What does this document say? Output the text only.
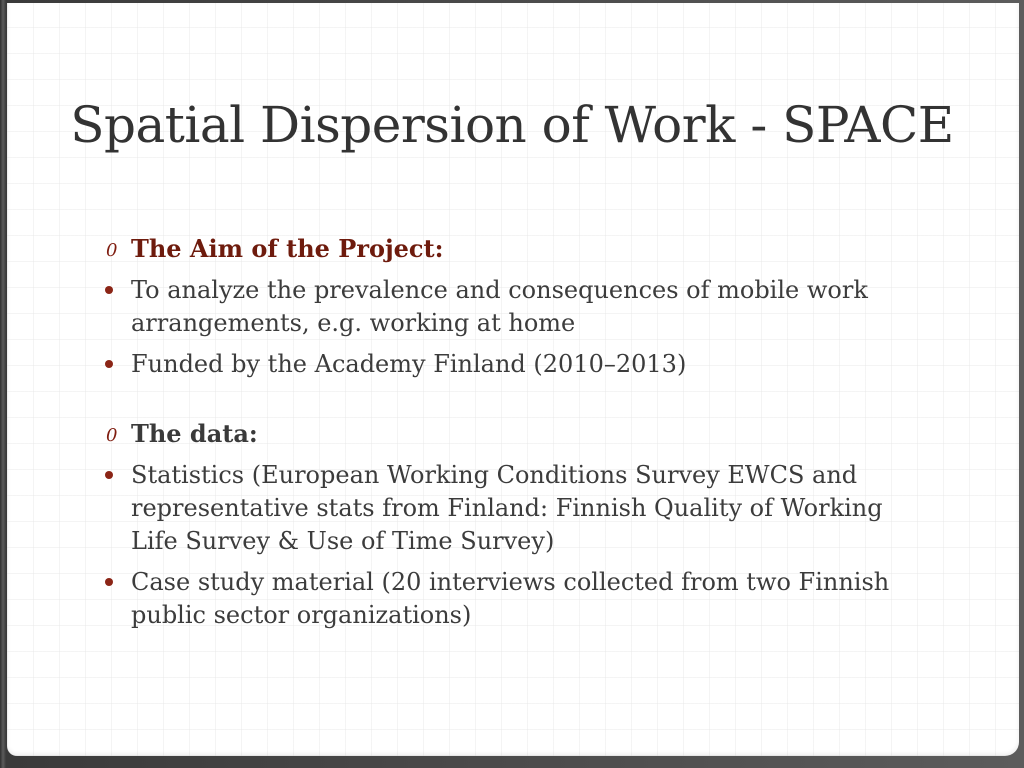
Spatial Dispersion of Work - SPACE
0 The Aim of the Project:
To analyze the prevalence and consequences of mobile work arrangements, e.g. working at home
Funded by the Academy Finland (2010–2013)
0 The data:
Statistics (European Working Conditions Survey EWCS and representative stats from Finland: Finnish Quality of Working Life Survey & Use of Time Survey)
Case study material (20 interviews collected from two Finnish public sector organizations)
